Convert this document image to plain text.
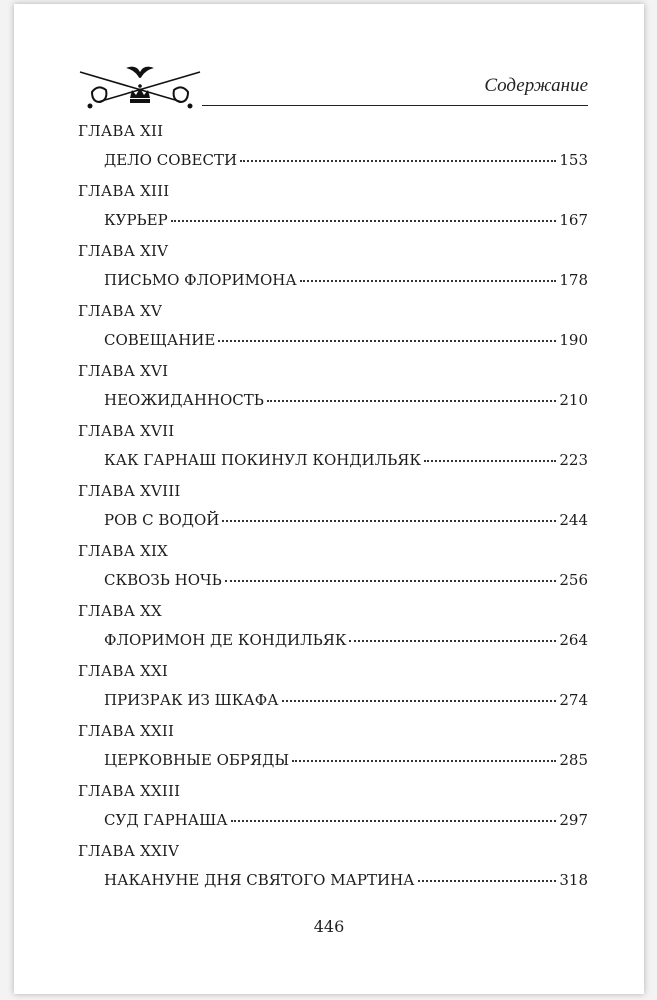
Содержание
ГЛАВА XII
ДЕЛО СОВЕСТИ	153
ГЛАВА XIII
КУРЬЕР	167
ГЛАВА XIV
ПИСЬМО ФЛОРИМОНА	178
ГЛАВА XV
СОВЕЩАНИЕ	190
ГЛАВА XVI
НЕОЖИДАННОСТЬ	210
ГЛАВА XVII
КАК ГАРНАШ ПОКИНУЛ КОНДИЛЬЯК	223
ГЛАВА XVIII
РОВ С ВОДОЙ	244
ГЛАВА XIX
СКВОЗЬ НОЧЬ	256
ГЛАВА XX
ФЛОРИМОН ДЕ КОНДИЛЬЯК	264
ГЛАВА XXI
ПРИЗРАК ИЗ ШКАФА	274
ГЛАВА XXII
ЦЕРКОВНЫЕ ОБРЯДЫ	285
ГЛАВА XXIII
СУД ГАРНАША	297
ГЛАВА XXIV
НАКАНУНЕ ДНЯ СВЯТОГО МАРТИНА	318
446
